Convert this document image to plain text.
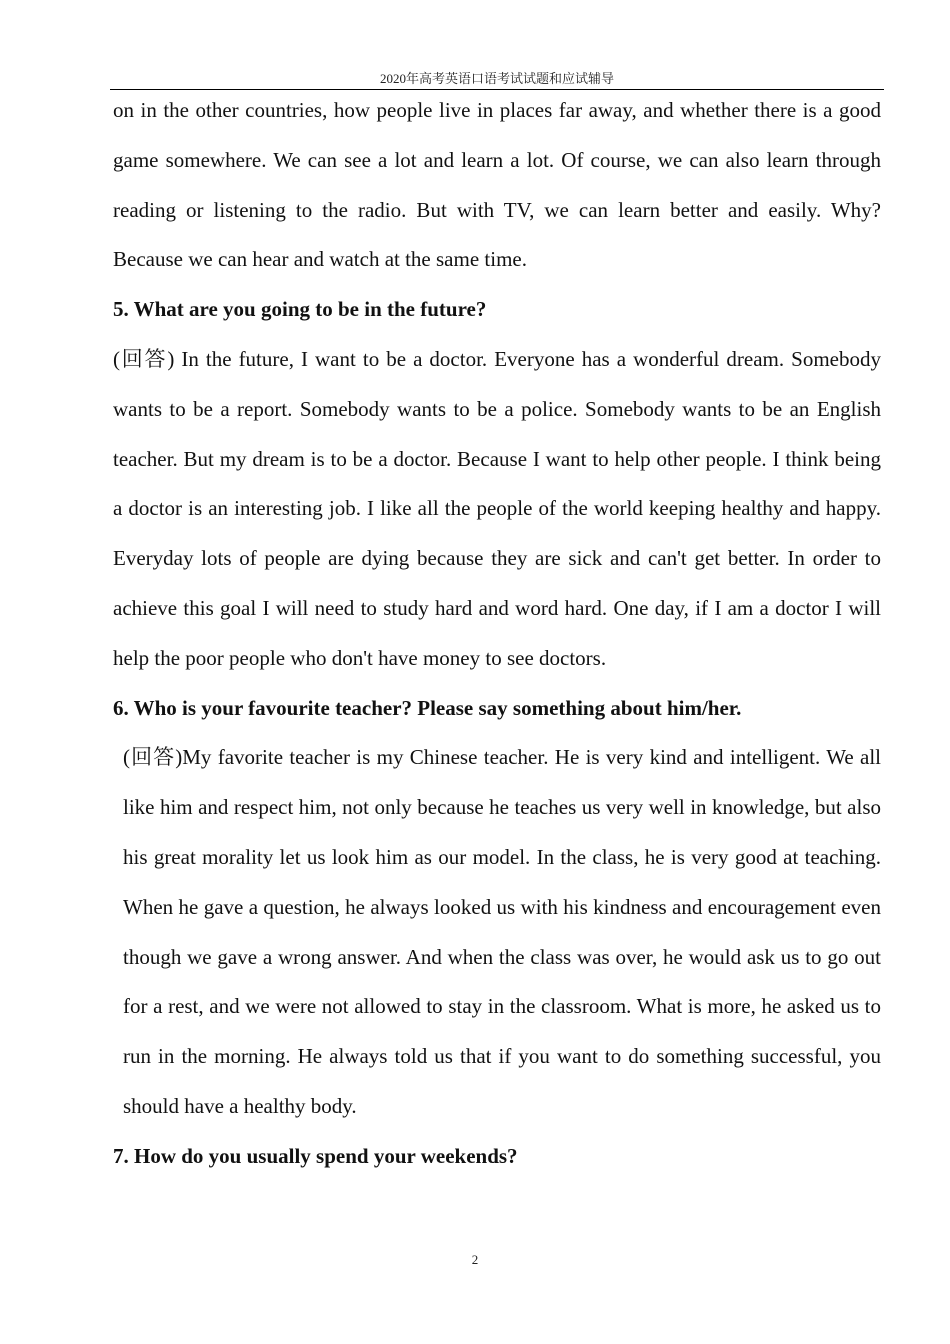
2020年高考英语口语考试试题和应试辅导

on in the other countries, how people live in places far away, and whether there is a good game somewhere. We can see a lot and learn a lot. Of course, we can also learn through reading or listening to the radio. But with TV, we can learn better and easily. Why? Because we can hear and watch at the same time.

5. What are you going to be in the future?

(回答) In the future, I want to be a doctor. Everyone has a wonderful dream. Somebody wants to be a report. Somebody wants to be a police. Somebody wants to be an English teacher. But my dream is to be a doctor. Because I want to help other people. I think being a doctor is an interesting job. I like all the people of the world keeping healthy and happy. Everyday lots of people are dying because they are sick and can't get better. In order to achieve this goal I will need to study hard and word hard. One day, if I am a doctor I will help the poor people who don't have money to see doctors.

6. Who is your favourite teacher? Please say something about him/her.

(回答)My favorite teacher is my Chinese teacher. He is very kind and intelligent. We all like him and respect him, not only because he teaches us very well in knowledge, but also his great morality let us look him as our model. In the class, he is very good at teaching. When he gave a question, he always looked us with his kindness and encouragement even though we gave a wrong answer. And when the class was over, he would ask us to go out for a rest, and we were not allowed to stay in the classroom. What is more, he asked us to run in the morning. He always told us that if you want to do something successful, you should have a healthy body.

7. How do you usually spend your weekends?

2
